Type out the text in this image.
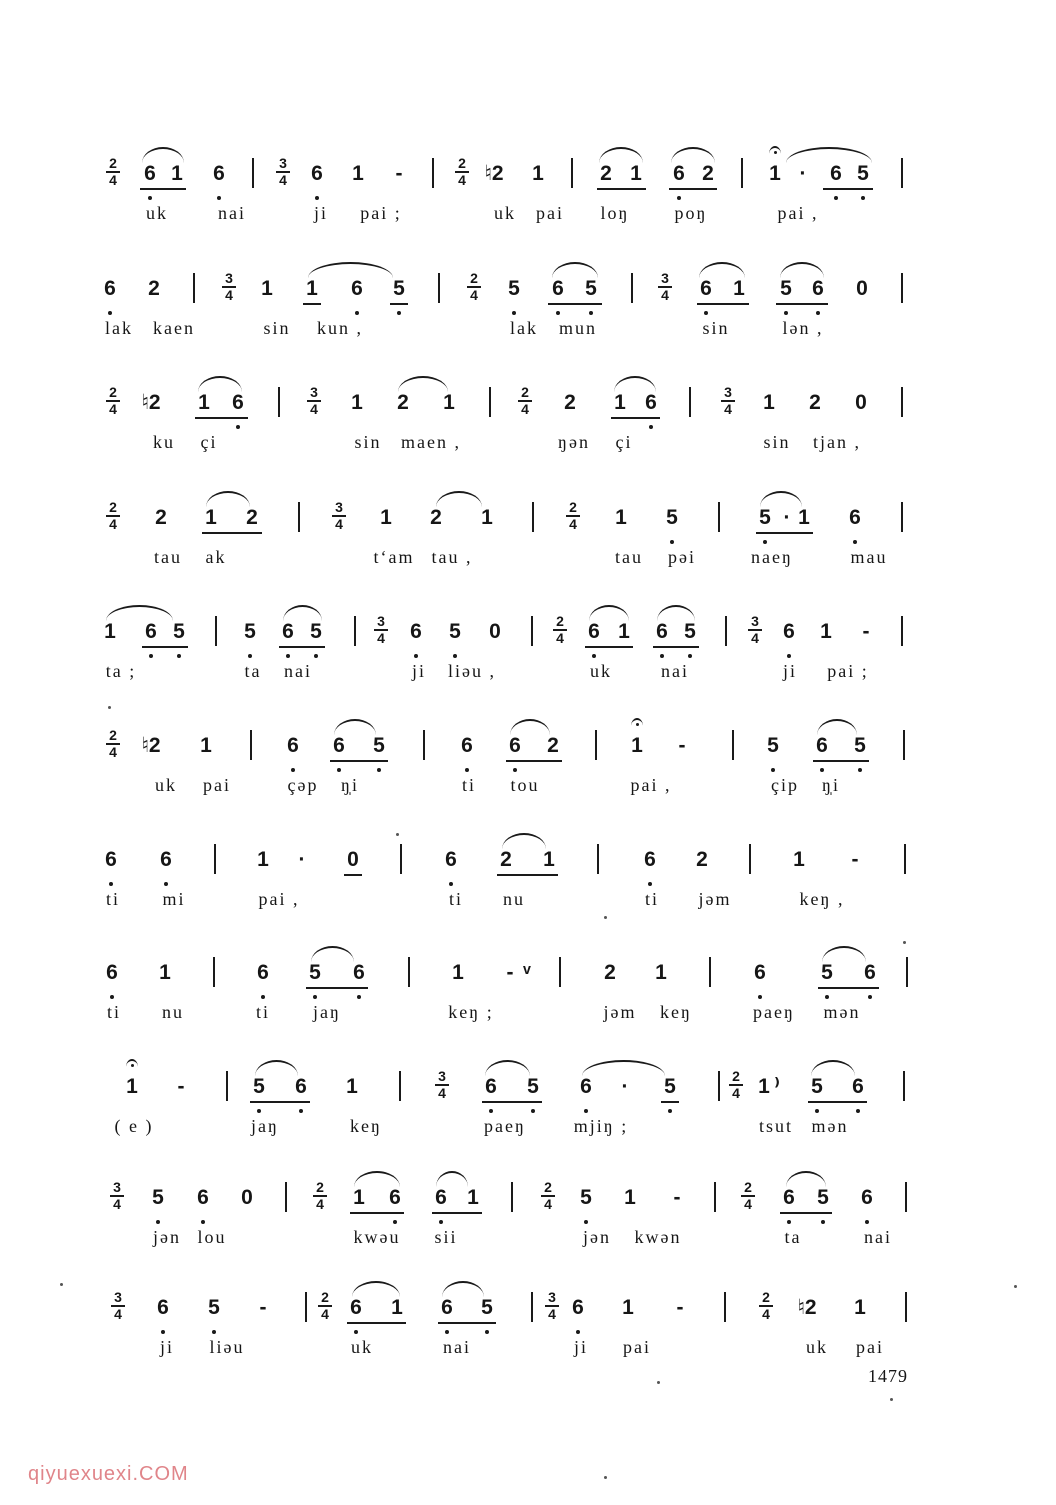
$\frac{2}{4} 6$ 1 6	$\frac{3}{4} 6$ 1 -	$\frac{2}{4}$ ♮2 1	2 1 6 2	1 · 6 5
uk	nai	ji pai ;	uk pai loŋ	poŋ	pai ,
6 2	$\frac{3}{4} 1$ 1 6 5	$\frac{2}{4} 5$ 6 5	$\frac{3}{4} 6$ 1 5 6 0
lak kaen	sin kun ,	lak mun	sin	lən ,
$\frac{2}{4}$ ♮2 1 6	$\frac{3}{4} 1$ 2 1	$\frac{2}{4} 2$ 1 6	$\frac{3}{4} 1$ 2 0
ku çi	sin maen ,	ŋən çi	sin tjan ,
$\frac{2}{4} 2$ 1 2	$\frac{3}{4} 1$ 2 1	$\frac{2}{4} 1$ 5	5 · 1 6
tau ak	t‘am tau ,	tau pəi	naeŋ	mau
1 6 5	5 6 5	$\frac{3}{4} 6$ 5 0	$\frac{2}{4} 6$ 1 6 5	$\frac{3}{4} 6$ 1 -
ta ;	ta nai	ji liəu ,	uk	nai	ji pai ;
$\frac{2}{4}$ ♮2 1	6 6 5	6 6 2	1 -	5 6 5
uk pai	çəp ŋ̩i	ti tou	pai ,	çip ŋ̩i
6 6	1 · 0	6 2 1	6 2	1 -
ti mi	pai ,	ti nu	ti jəm	keŋ ,
6 1	6 5 6	1 - ᵛ	2 1	6	5 6
ti nu	ti jaŋ	keŋ ;	jəm keŋ	paeŋ mən
1 -	5 6 1	$\frac{3}{4} 6$ 5 6 · 5	$\frac{2}{4} 1$ ⁾ 5 6
( e )	jaŋ	keŋ	paeŋ	mjiŋ ;	tsut mən
$\frac{3}{4} 5$ 6 0	$\frac{2}{4} 1$ 6 6 1	$\frac{2}{4} 5$ 1 -	$\frac{2}{4} 6$ 5 6
jən lou	kwəu sii	jən kwən	ta	nai
$\frac{3}{4} 6$ 5 -	$\frac{2}{4} 6$ 1 6 5	$\frac{3}{4} 6$ 1 -	$\frac{2}{4}$ ♮2 1
ji liəu	uk	nai	ji pai	uk pai
1479
qiyuexuexi.COM
